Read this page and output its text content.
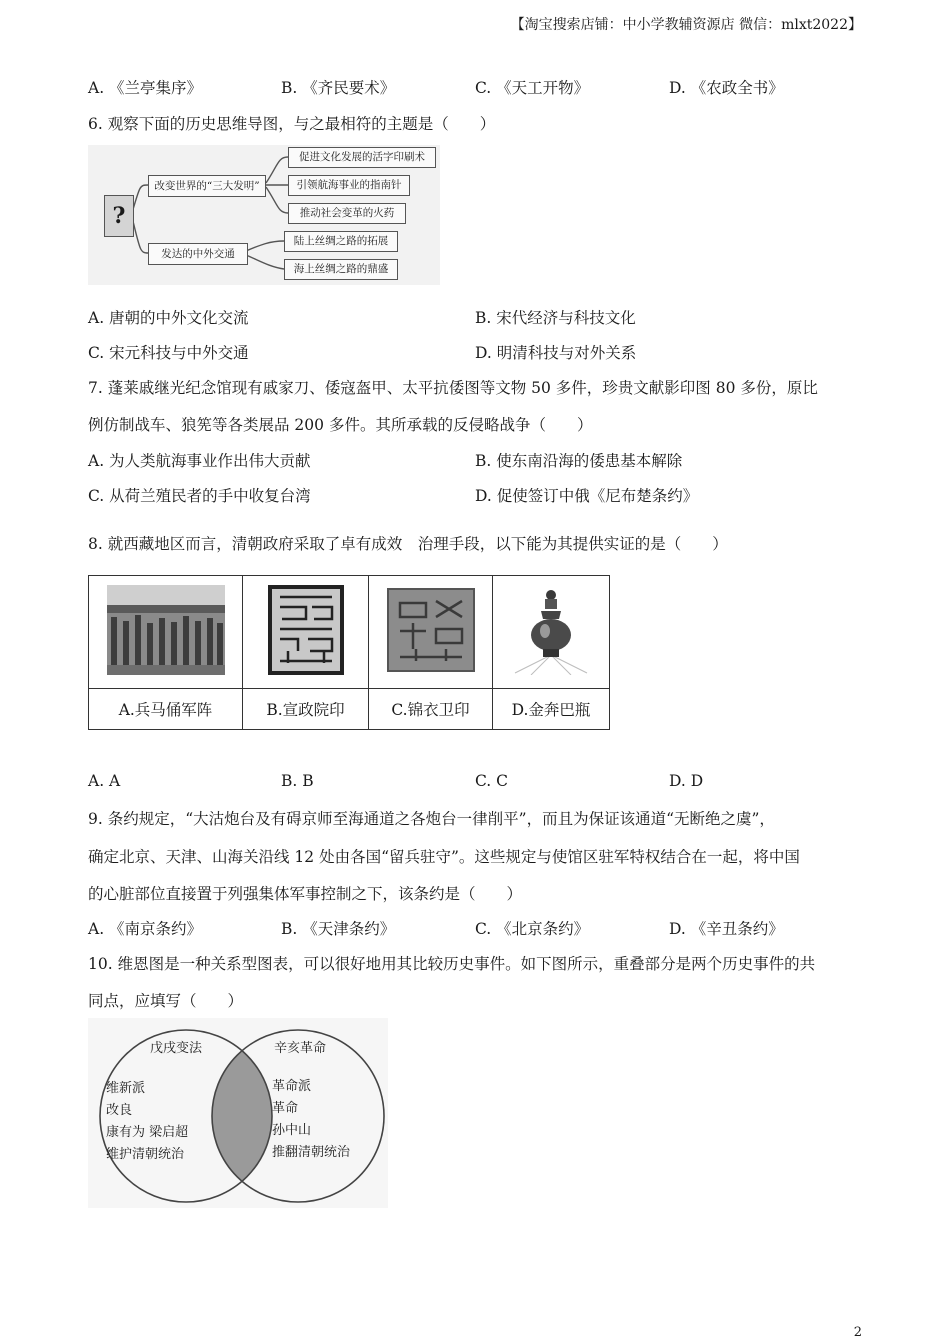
【淘宝搜索店铺：中小学教辅资源店 微信：mlxt2022】
A. 《兰亭集序》	B. 《齐民要术》	C. 《天工开物》	D. 《农政全书》
6. 观察下面的历史思维导图，与之最相符的主题是（　　）
?
改变世界的“三大发明”
促进文化发展的活字印刷术
引领航海事业的指南针
推动社会变革的火药
发达的中外交通
陆上丝绸之路的拓展
海上丝绸之路的鼎盛
A. 唐朝的中外文化交流	B. 宋代经济与科技文化
C. 宋元科技与中外交通	D. 明清科技与对外关系
7. 蓬莱戚继光纪念馆现有戚家刀、倭寇盔甲、太平抗倭图等文物 50 多件，珍贵文献影印图 80 多份，原比
例仿制战车、狼筅等各类展品 200 多件。其所承载的反侵略战争（　　）
A. 为人类航海事业作出伟大贡献	B. 使东南沿海的倭患基本解除
C. 从荷兰殖民者的手中收复台湾	D. 促使签订中俄《尼布楚条约》
8. 就西藏地区而言，清朝政府采取了卓有成效　治理手段，以下能为其提供实证的是（　　）

A.兵马俑军阵	B.宣政院印	C.锦衣卫印	D.金奔巴瓶
A. A	B. B	C. C	D. D
9. 条约规定，“大沽炮台及有碍京师至海通道之各炮台一律削平”，而且为保证该通道“无断绝之虞”，
确定北京、天津、山海关沿线 12 处由各国“留兵驻守”。这些规定与使馆区驻军特权结合在一起，将中国
的心脏部位直接置于列强集体军事控制之下，该条约是（　　）
A. 《南京条约》	B. 《天津条约》	C. 《北京条约》	D. 《辛丑条约》
10. 维恩图是一种关系型图表，可以很好地用其比较历史事件。如下图所示，重叠部分是两个历史事件的共
同点，应填写（　　）
戊戌变法
维新派
改良
康有为 梁启超
维护清朝统治
辛亥革命
革命派
革命
孙中山
推翻清朝统治
2
